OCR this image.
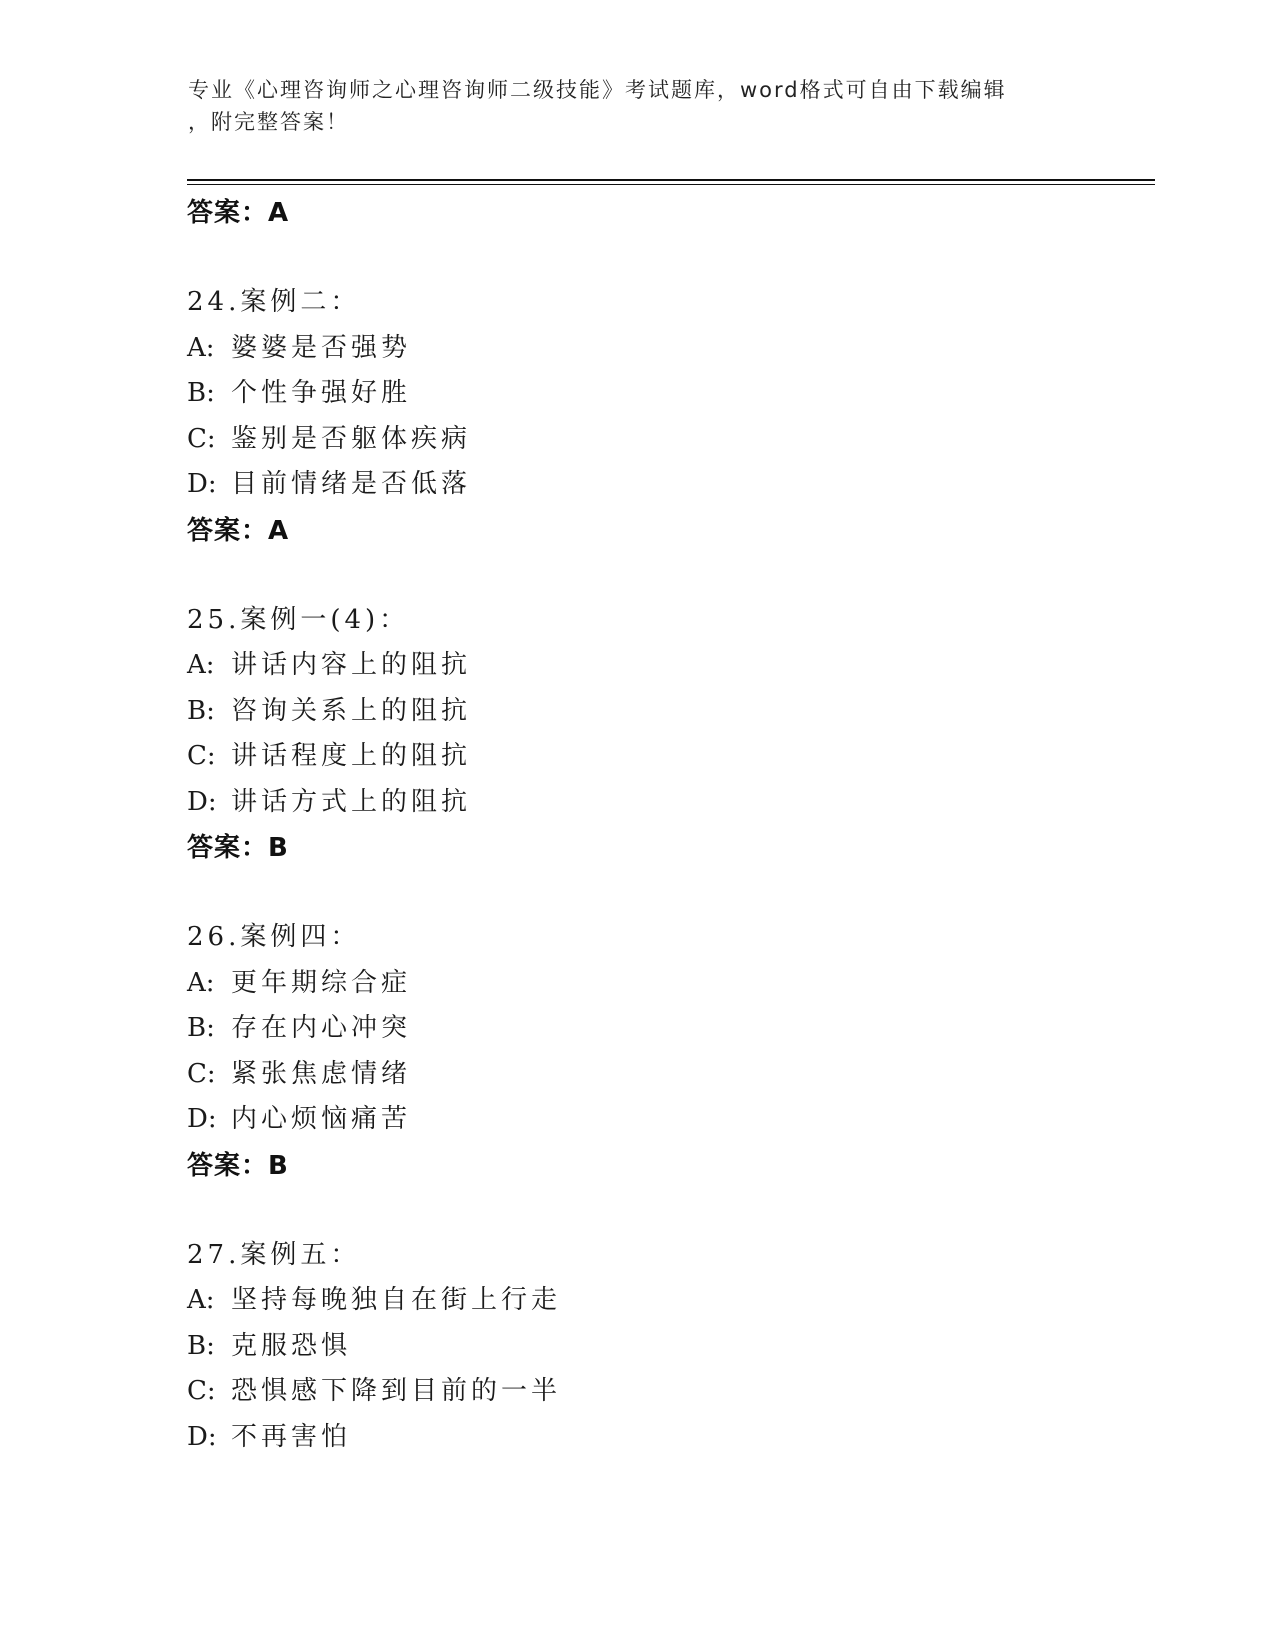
专业《心理咨询师之心理咨询师二级技能》考试题库，word格式可自由下载编辑
，附完整答案！
答案：A
24.案例二：
A: 婆婆是否强势
B: 个性争强好胜
C: 鉴别是否躯体疾病
D: 目前情绪是否低落
答案：A
25.案例一(4)：
A: 讲话内容上的阻抗
B: 咨询关系上的阻抗
C: 讲话程度上的阻抗
D: 讲话方式上的阻抗
答案：B
26.案例四：
A: 更年期综合症
B: 存在内心冲突
C: 紧张焦虑情绪
D: 内心烦恼痛苦
答案：B
27.案例五：
A: 坚持每晚独自在街上行走
B: 克服恐惧
C: 恐惧感下降到目前的一半
D: 不再害怕
